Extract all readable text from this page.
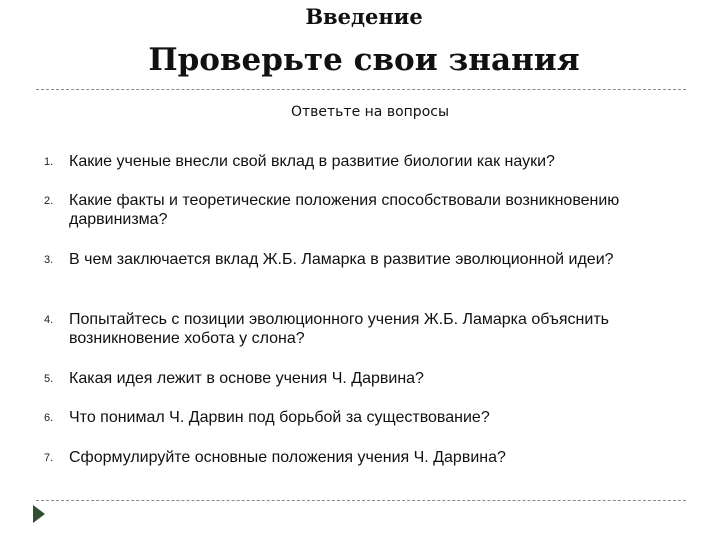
Введение
Проверьте свои знания
Ответьте на вопросы
1. Какие ученые внесли свой вклад в развитие биологии как науки?
2. Какие факты и теоретические положения способствовали возникновению дарвинизма?
3. В чем заключается вклад Ж.Б. Ламарка в развитие эволюционной идеи?
4. Попытайтесь с позиции эволюционного учения Ж.Б. Ламарка объяснить возникновение хобота у слона?
5. Какая идея лежит в основе учения Ч. Дарвина?
6. Что понимал Ч. Дарвин под борьбой за существование?
7. Сформулируйте основные положения учения Ч. Дарвина?
